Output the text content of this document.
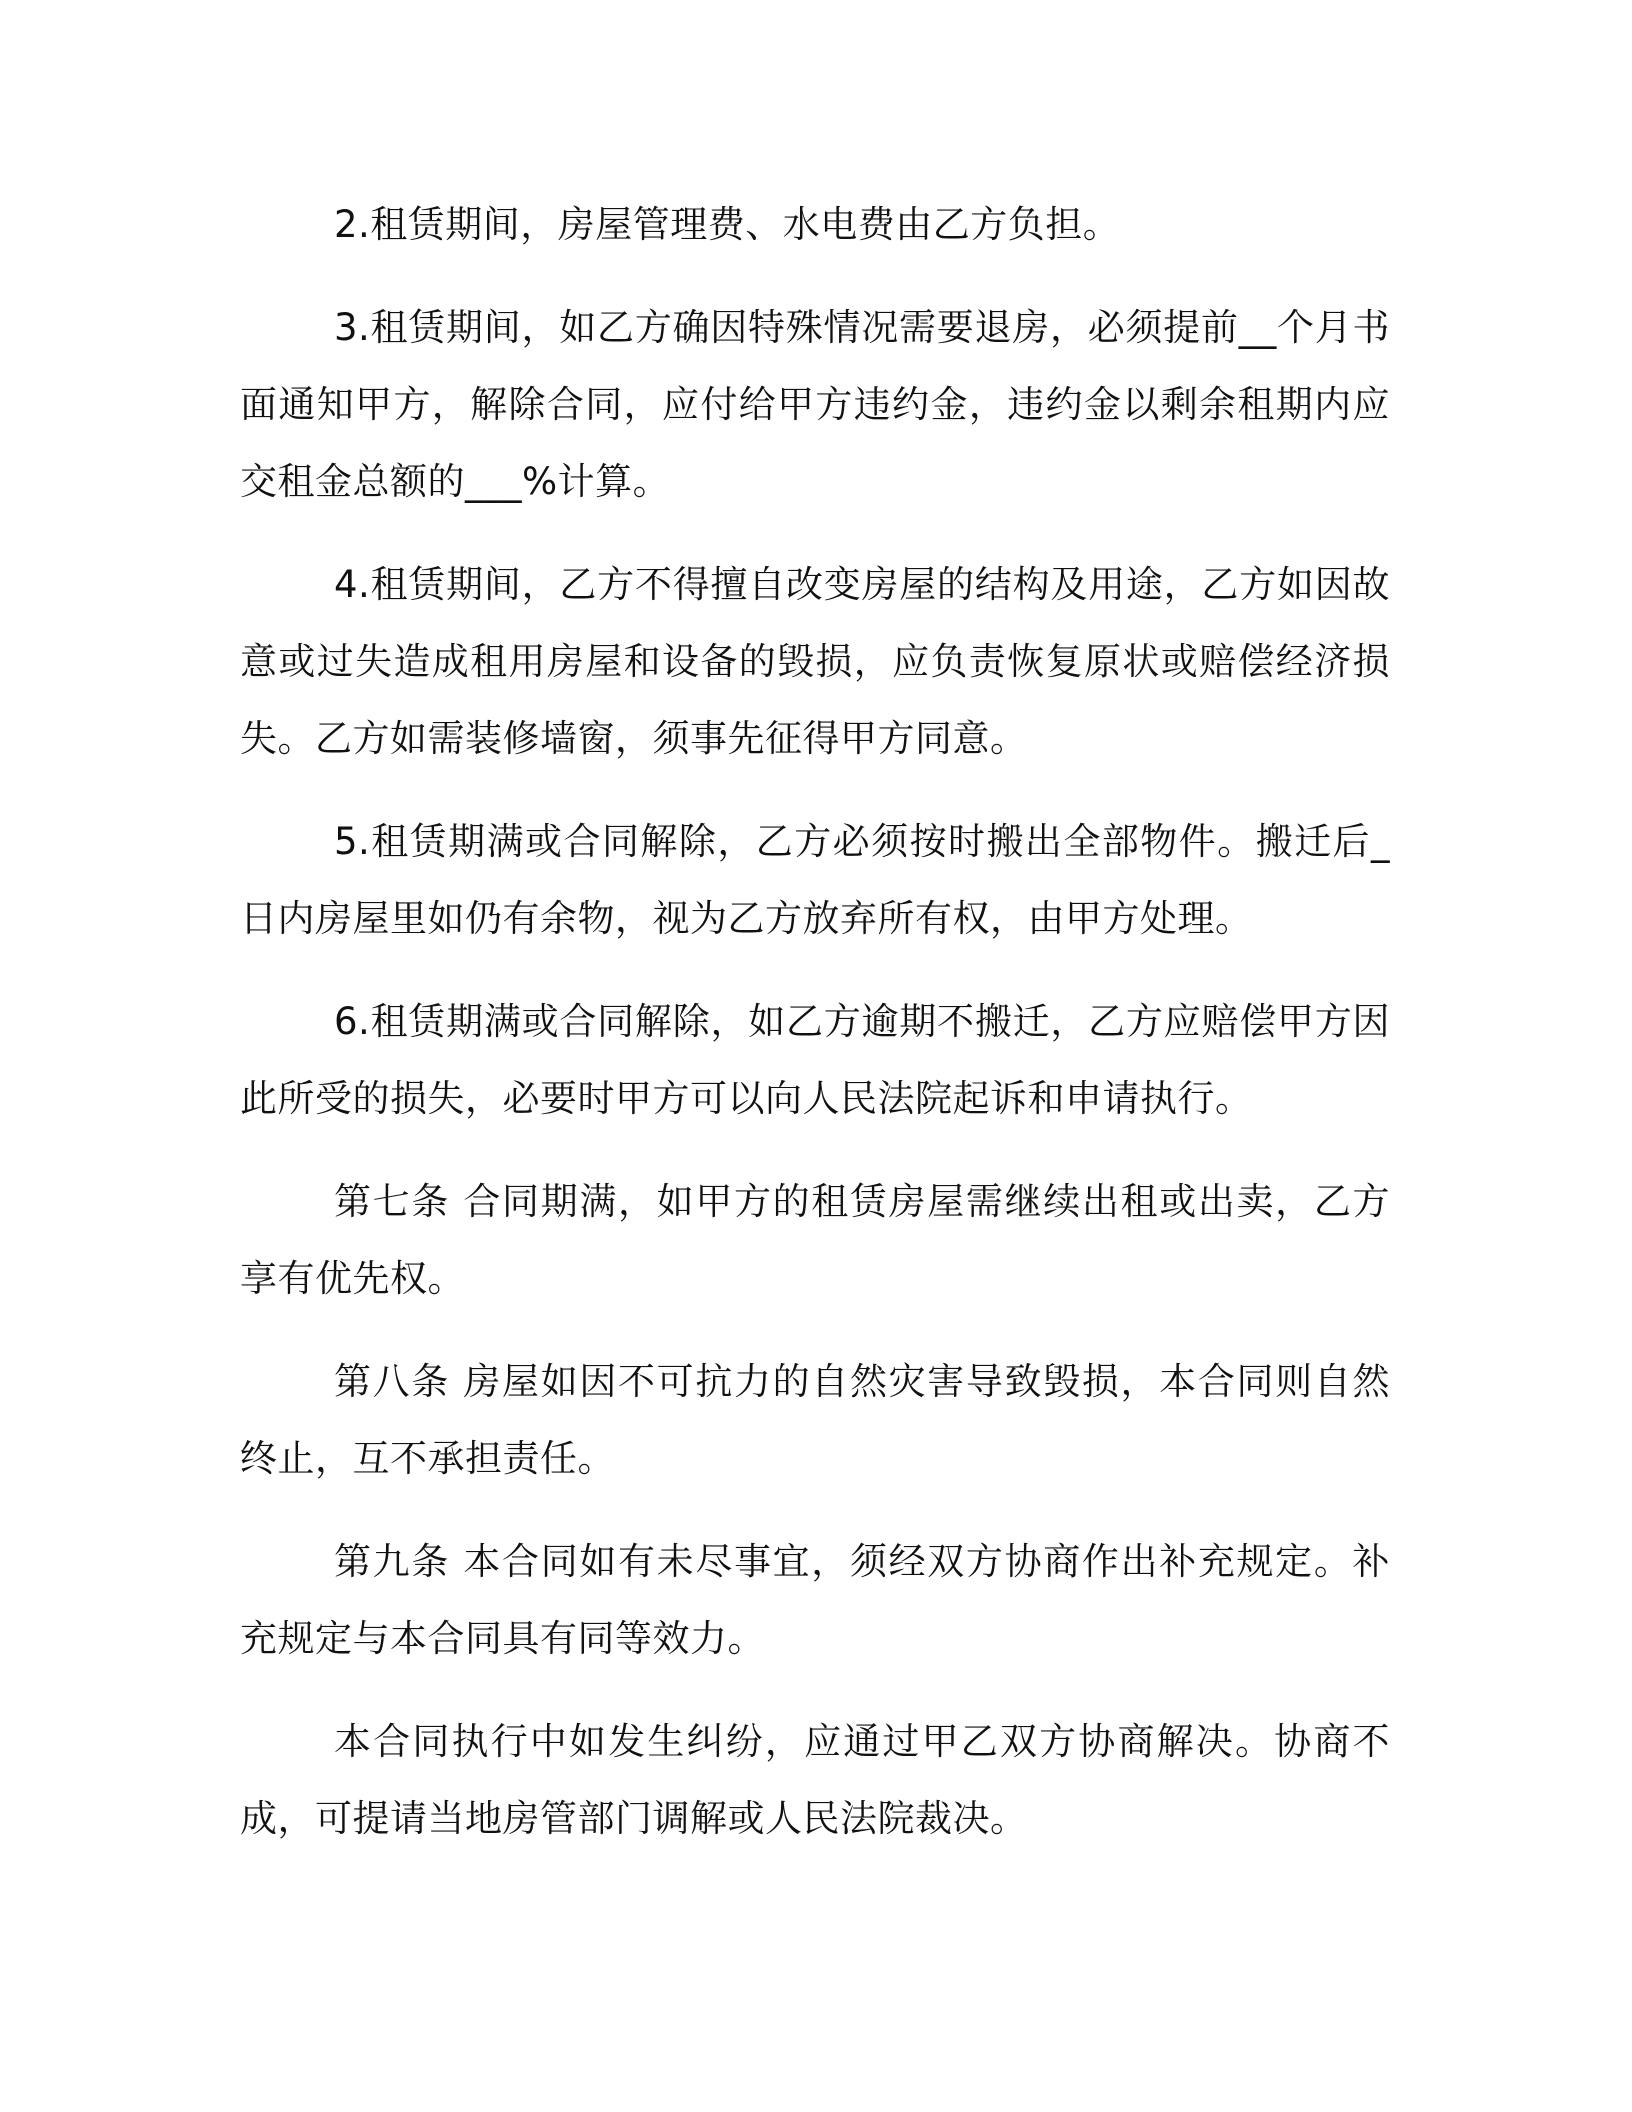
2.租赁期间，房屋管理费、水电费由乙方负担。

3.租赁期间，如乙方确因特殊情况需要退房，必须提前__个月书面通知甲方，解除合同，应付给甲方违约金，违约金以剩余租期内应交租金总额的___%计算。

4.租赁期间，乙方不得擅自改变房屋的结构及用途，乙方如因故意或过失造成租用房屋和设备的毁损，应负责恢复原状或赔偿经济损失。乙方如需装修墙窗，须事先征得甲方同意。

5.租赁期满或合同解除，乙方必须按时搬出全部物件。搬迁后_日内房屋里如仍有余物，视为乙方放弃所有权，由甲方处理。

6.租赁期满或合同解除，如乙方逾期不搬迁，乙方应赔偿甲方因此所受的损失，必要时甲方可以向人民法院起诉和申请执行。

第七条 合同期满，如甲方的租赁房屋需继续出租或出卖，乙方享有优先权。

第八条 房屋如因不可抗力的自然灾害导致毁损，本合同则自然终止，互不承担责任。

第九条 本合同如有未尽事宜，须经双方协商作出补充规定。补充规定与本合同具有同等效力。

本合同执行中如发生纠纷，应通过甲乙双方协商解决。协商不成，可提请当地房管部门调解或人民法院裁决。
